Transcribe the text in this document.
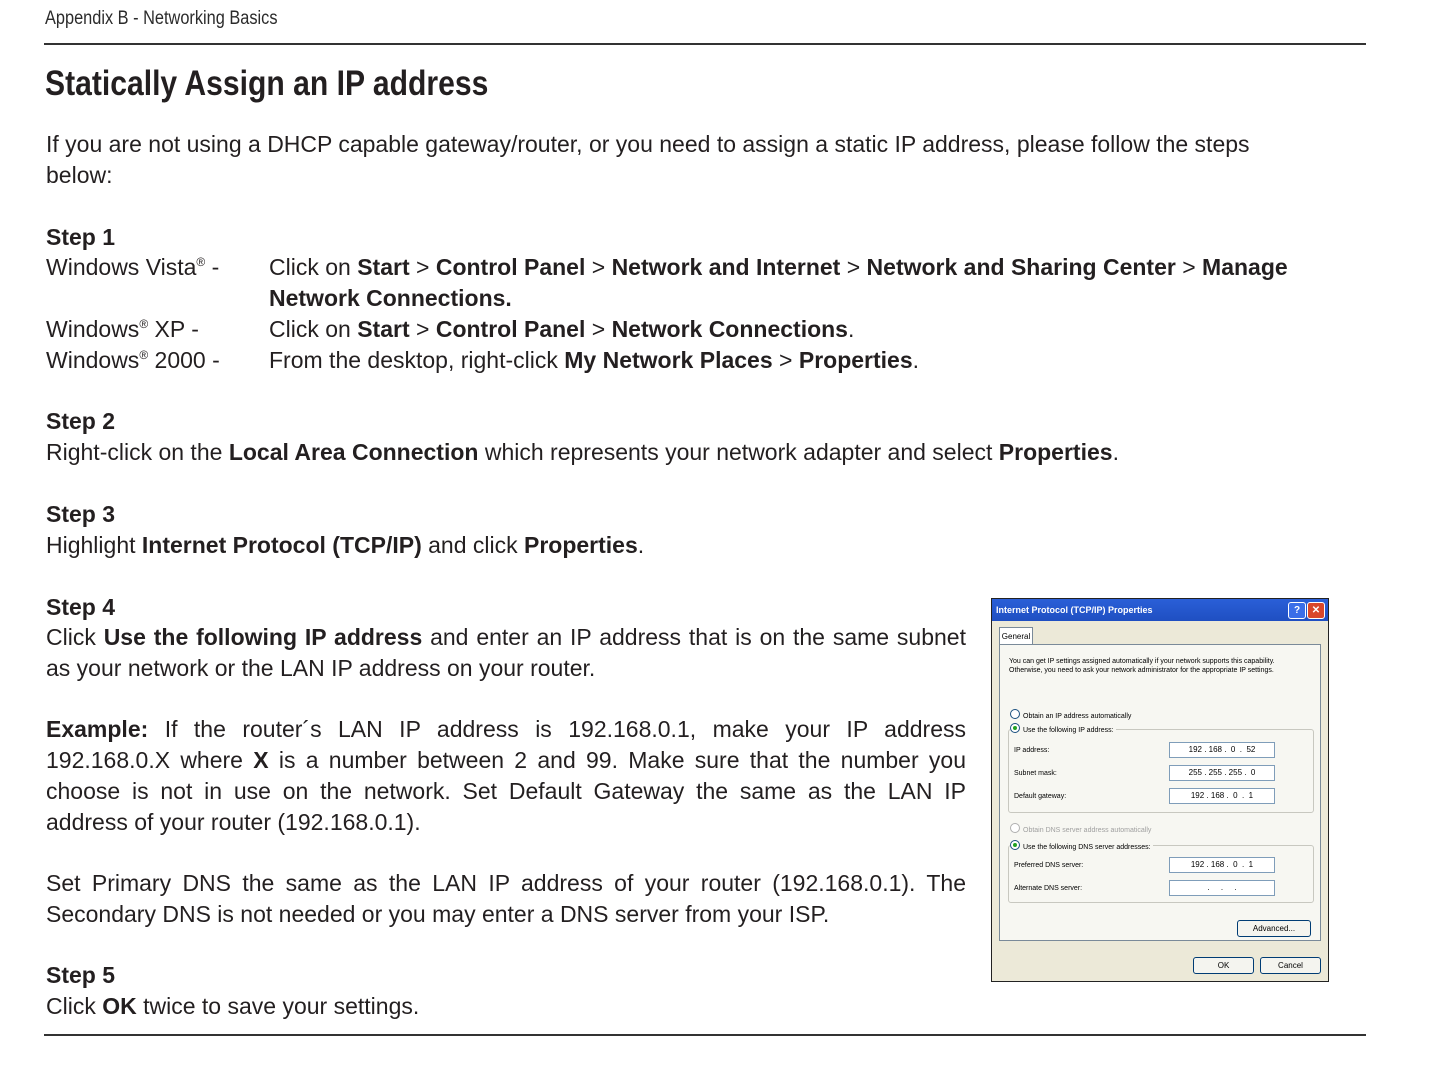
Appendix B - Networking Basics
Statically Assign an IP address

If you are not using a DHCP capable gateway/router, or you need to assign a static IP address, please follow the steps
below:

Step 1
Windows Vista® - Click on Start > Control Panel > Network and Internet > Network and Sharing Center > Manage Network Connections.
Windows® XP -	Click on Start > Control Panel > Network Connections.
Windows® 2000 - From the desktop, right-click My Network Places > Properties.
Step 2

Right-click on the Local Area Connection which represents your network adapter and select Properties.

Step 3

Highlight Internet Protocol (TCP/IP) and click Properties.

Step 4

Click Use the following IP address and enter an IP address that is on the same subnet as your network or the LAN IP address on your router.

Example: If the router´s LAN IP address is 192.168.0.1, make your IP address 192.168.0.X where X is a number between 2 and 99. Make sure that the number you choose is not in use on the network. Set Default Gateway the same as the LAN IP address of your router (192.168.0.1).

Set Primary DNS the same as the LAN IP address of your router (192.168.0.1). The Secondary DNS is not needed or you may enter a DNS server from your ISP.

Step 5

Click OK twice to save your settings.

Internet Protocol (TCP/IP) Properties	?	✕
General
You can get IP settings assigned automatically if your network supports this capability. Otherwise, you need to ask your network administrator for the appropriate IP settings.
Obtain an IP address automatically
Use the following IP address:
IP address:	192 . 168 .  0  .  52
Subnet mask:	255 . 255 . 255 .  0
Default gateway:	192 . 168 .  0  .  1
Obtain DNS server address automatically
Use the following DNS server addresses:
Preferred DNS server:	192 . 168 .  0  .  1
Alternate DNS server:	.     .     .
Advanced...
OK	Cancel
